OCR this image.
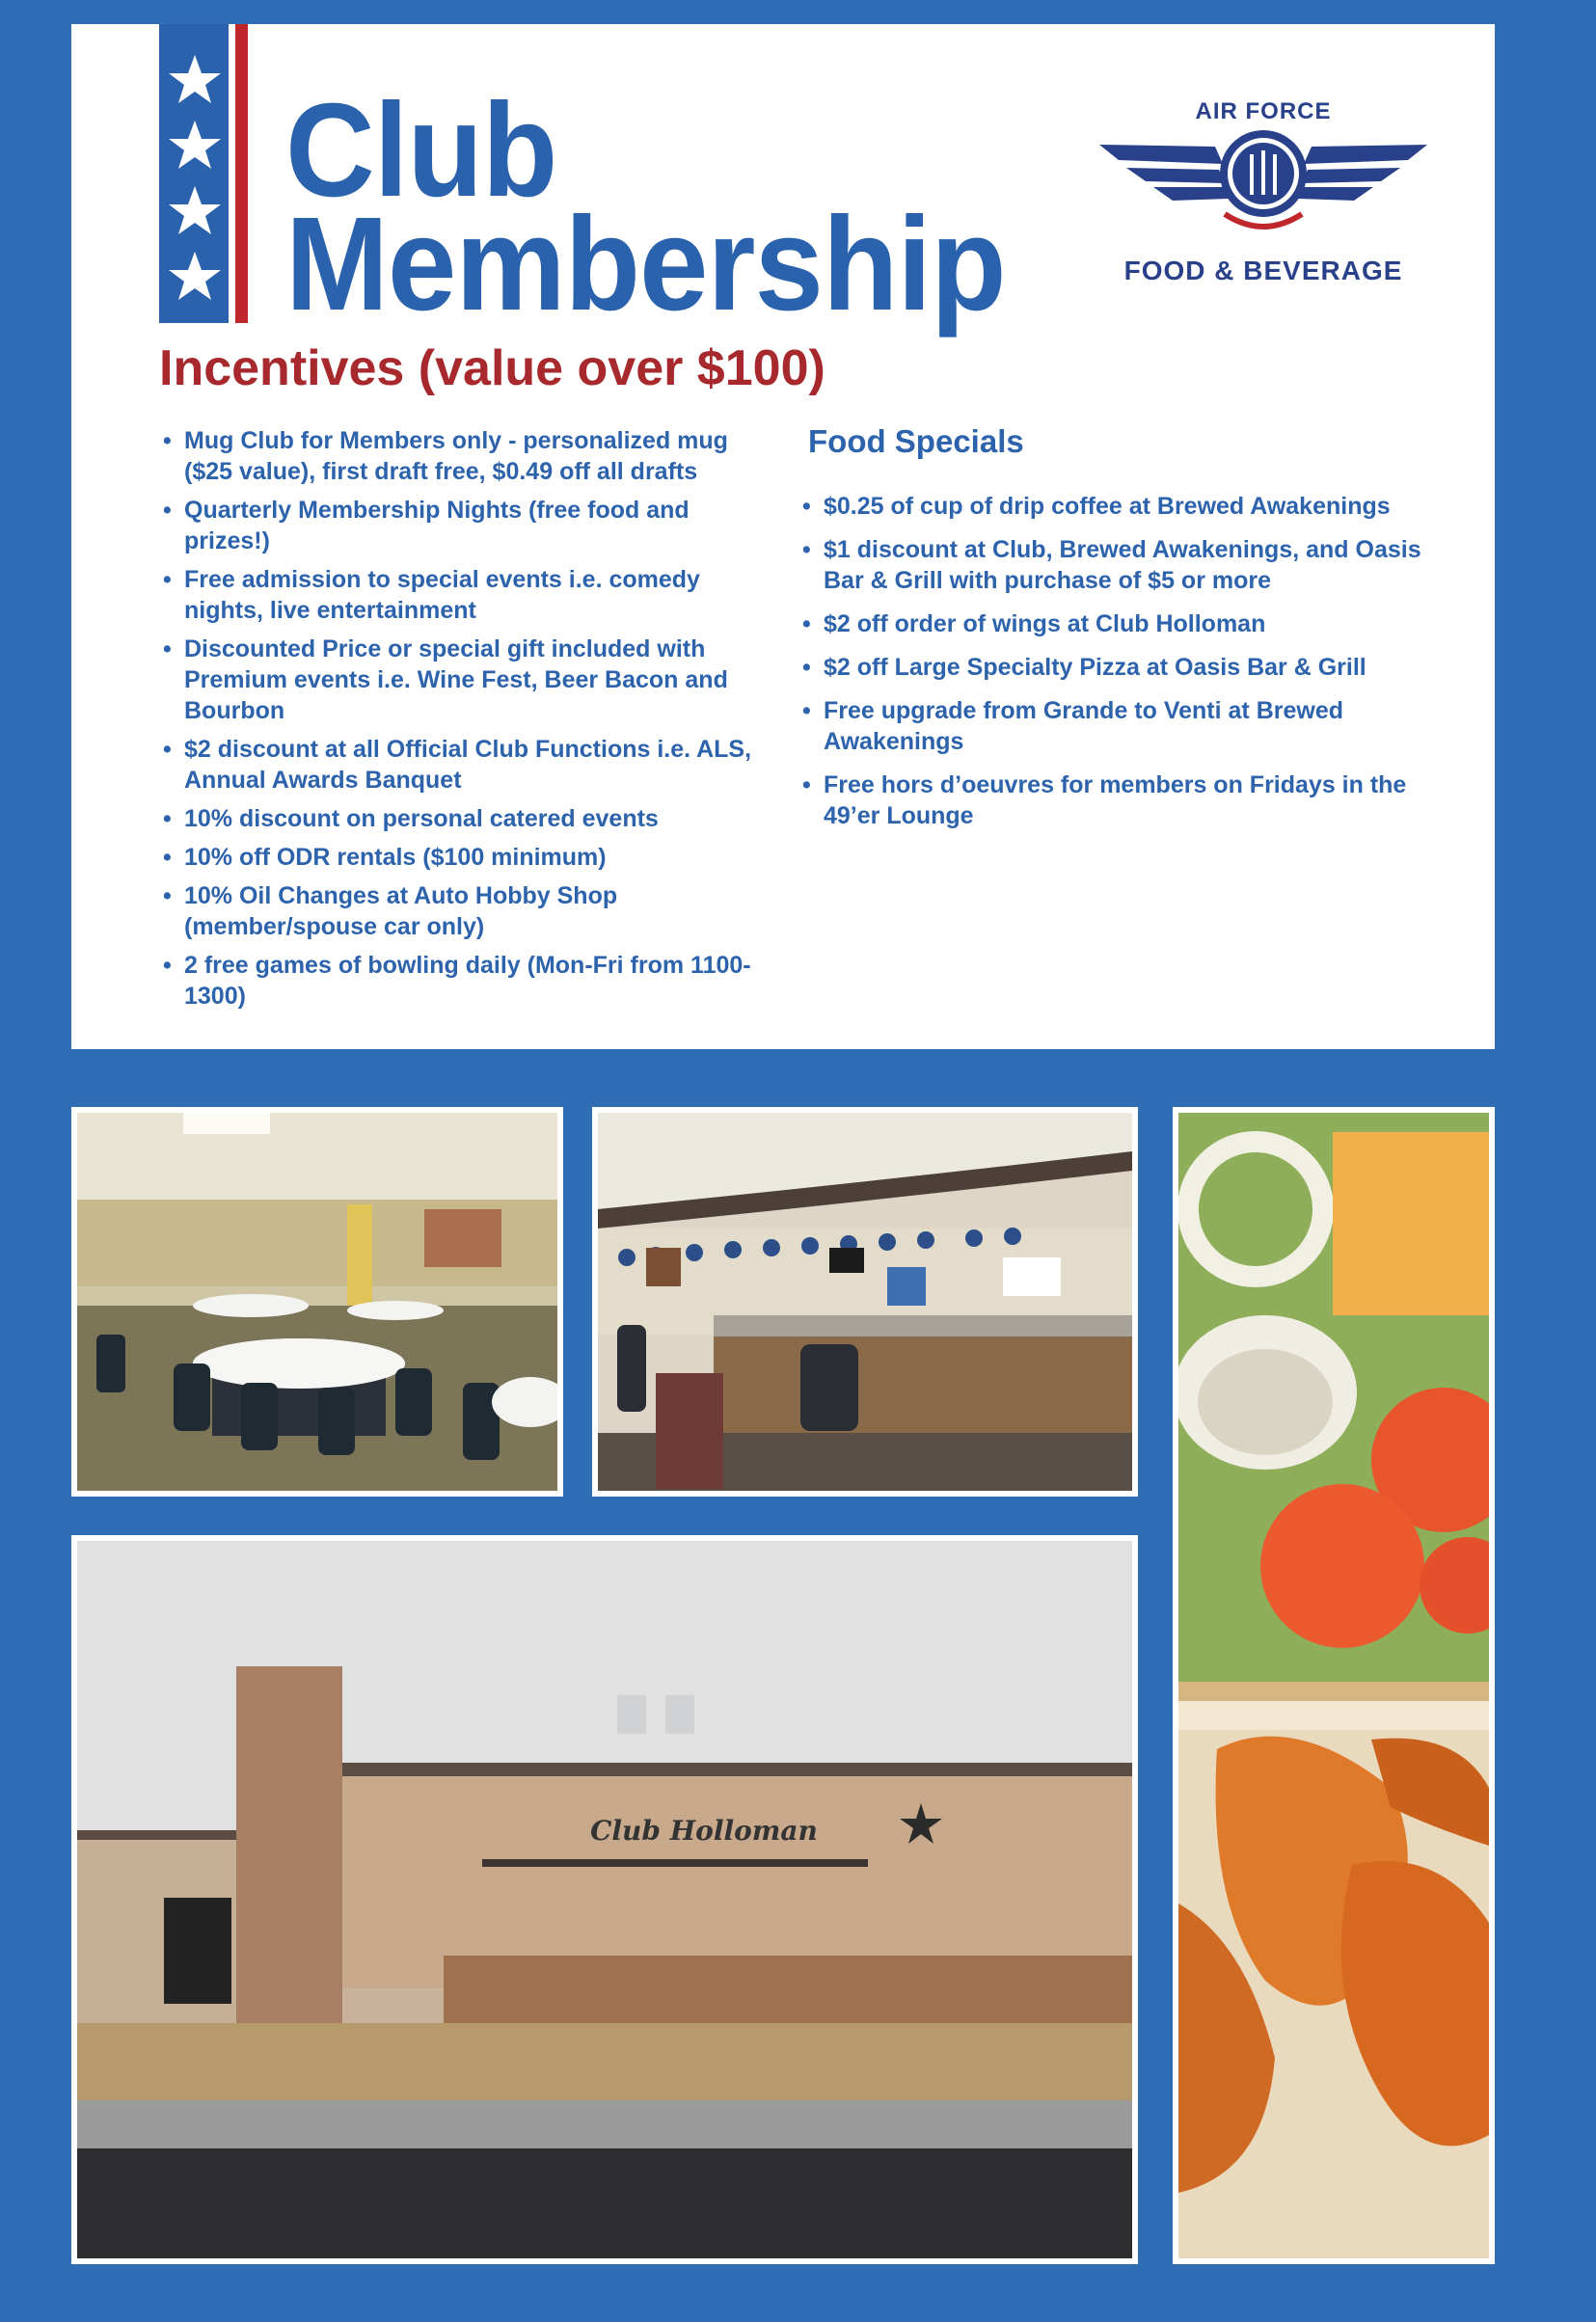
Club
Membership
Incentives (value over $100)
AIR FORCE
FOOD & BEVERAGE
• Mug Club for Members only - personalized mug ($25 value), first draft free, $0.49 off all drafts
• Quarterly Membership Nights (free food and prizes!)
• Free admission to special events i.e. comedy nights, live entertainment
• Discounted Price or special gift included with Premium events i.e. Wine Fest, Beer Bacon and Bourbon
• $2 discount at all Official Club Functions i.e. ALS, Annual Awards Banquet
• 10% discount on personal catered events
• 10% off ODR rentals ($100 minimum)
• 10% Oil Changes at Auto Hobby Shop (member/spouse car only)
• 2 free games of bowling daily (Mon-Fri from 1100-1300)
Food Specials
• $0.25 of cup of drip coffee at Brewed Awakenings
• $1 discount at Club, Brewed Awakenings, and Oasis Bar & Grill with purchase of $5 or more
• $2 off order of wings at Club Holloman
• $2 off Large Specialty Pizza at Oasis Bar & Grill
• Free upgrade from Grande to Venti at Brewed Awakenings
• Free hors d’oeuvres for members on Fridays in the 49’er Lounge
Club Holloman
